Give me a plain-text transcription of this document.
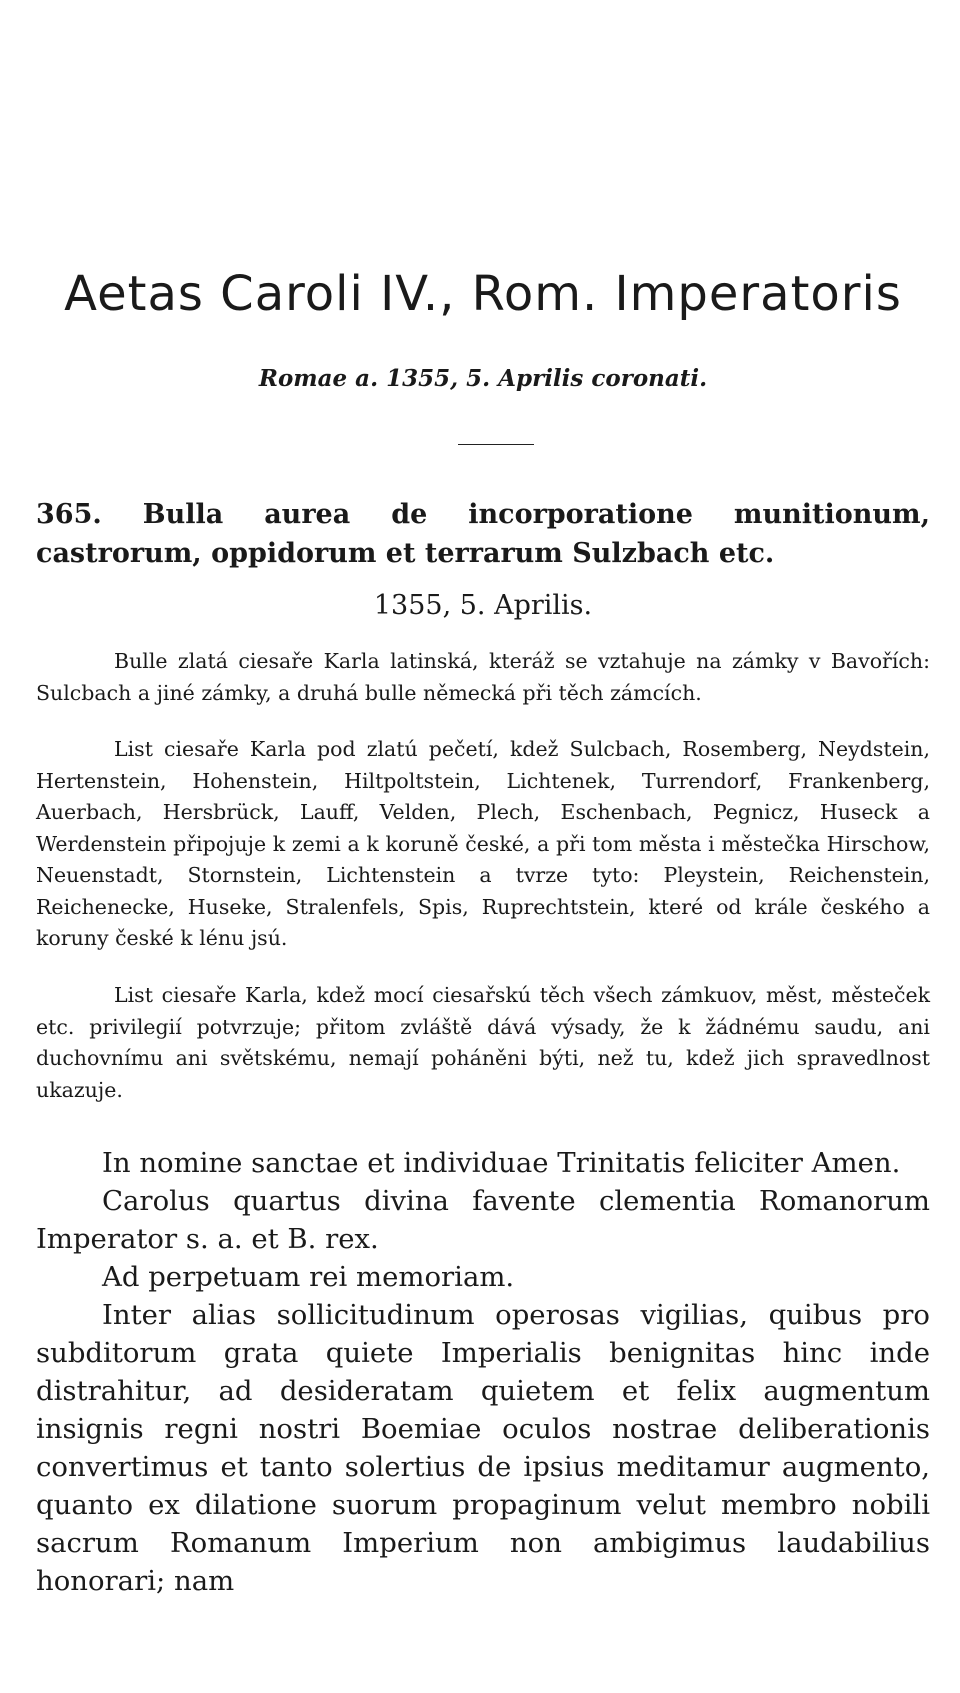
Aetas Caroli IV., Rom. Imperatoris
Romae a. 1355, 5. Aprilis coronati.
365. Bulla aurea de incorporatione munitionum,
castrorum, oppidorum et terrarum Sulzbach etc.
1355, 5. Aprilis.

Bulle zlatá ciesaře Karla latinská, kteráž se vztahuje na zámky v Bavořích: Sulcbach a jiné zámky, a druhá bulle německá při těch zámcích.

List ciesaře Karla pod zlatú pečetí, kdež Sulcbach, Rosemberg, Neydstein, Hertenstein, Hohenstein, Hiltpoltstein, Lichtenek, Turrendorf, Frankenberg, Auerbach, Hersbrück, Lauff, Velden, Plech, Eschenbach, Pegnicz, Huseck a Werdenstein připojuje k zemi a k koruně české, a při tom města i městečka Hirschow, Neuenstadt, Stornstein, Lichtenstein a tvrze tyto: Pleystein, Reichenstein, Reichenecke, Huseke, Stralenfels, Spis, Ruprechtstein, které od krále českého a koruny české k lénu jsú.

List ciesaře Karla, kdež mocí ciesařskú těch všech zámkuov, měst, městeček etc. privilegií potvrzuje; přitom zvláště dává výsady, že k žádnému saudu, ani duchovnímu ani světskému, nemají poháněni býti, než tu, kdež jich spravedlnost ukazuje.

In nomine sanctae et individuae Trinitatis feliciter Amen.

Carolus quartus divina favente clementia Romanorum Imperator s. a. et B. rex.

Ad perpetuam rei memoriam.

Inter alias sollicitudinum operosas vigilias, quibus pro subditorum grata quiete Imperialis benignitas hinc inde distrahitur, ad desideratam quietem et felix augmentum insignis regni nostri Boemiae oculos nostrae deliberationis convertimus et tanto solertius de ipsius meditamur augmento, quanto ex dilatione suorum propaginum velut membro nobili sacrum Romanum Imperium non ambigimus laudabilius honorari; nam
